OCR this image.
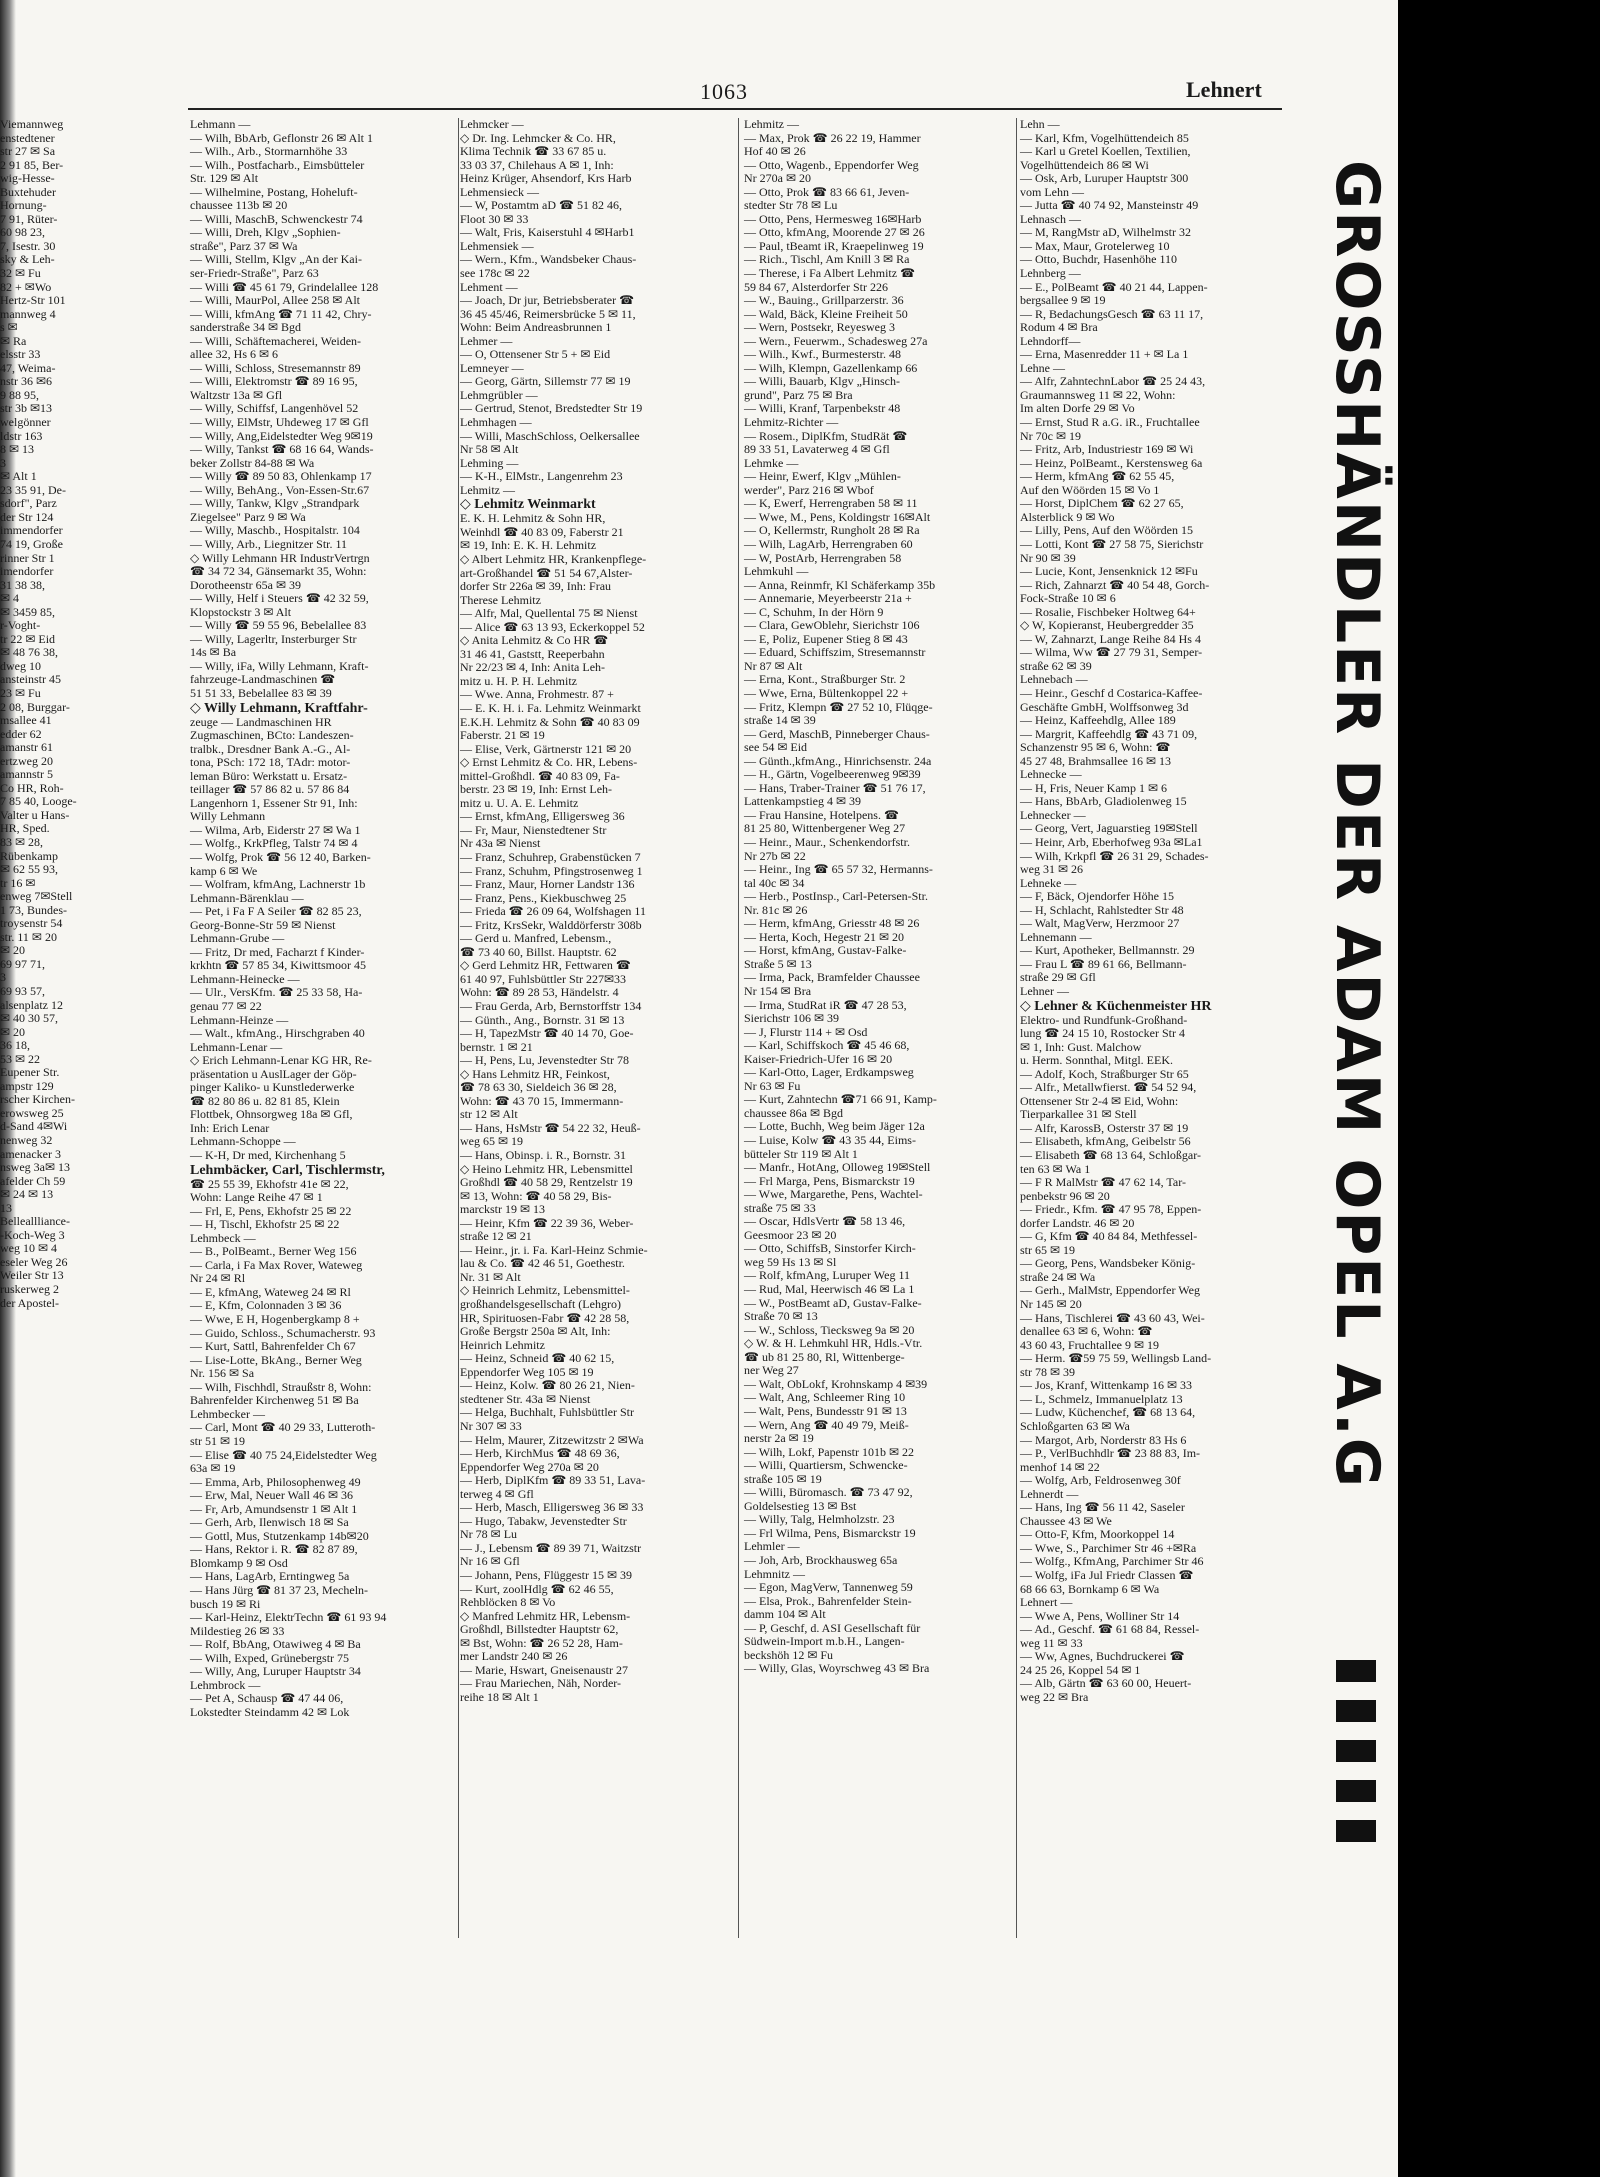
1063	Lehnert
Viemannweg
enstedtener
str 27 ✉ Sa
2 91 85, Ber-
wig-Hesse-
Buxtehuder
Hornung-
7 91, Rüter-
60 98 23,
7, Isestr. 30
sky & Leh-
32 ✉ Fu
82 + ✉Wo
Hertz-Str 101
mannweg 4
s ✉
✉ Ra
elsstr 33
47, Weima-
nstr 36 ✉6
9 88 95,
str 3b ✉13
welgönner
ldstr 163
8 ✉ 13
3
✉ Alt 1
23 35 91, De-
sdorf", Parz
der Str 124
immendorfer
74 19, Große
rinner Str 1
imendorfer
31 38 38,
✉ 4
✉ 3459 85,
r-Voght-
tr 22 ✉ Eid
✉ 48 76 38,
dweg 10
ansteinstr 45
23 ✉ Fu
2 08, Burggar-
msallee 41
edder 62
amanstr 61
ertzweg 20
amannstr 5
Co HR, Roh-
7 85 40, Looge-
Valter u Hans-
HR, Sped.
83 ✉ 28,
Rübenkamp
✉ 62 55 93,
tr 16 ✉
enweg 7✉Stell
1 73, Bundes-
troysenstr 54
str. 11 ✉ 20
✉ 20
69 97 71,
3
69 93 57,
alsenplatz 12
✉ 40 30 57,
✉ 20
36 18,
53 ✉ 22
Eupener Str.
ampstr 129
rscher Kirchen-
erowsweg 25
d-Sand 4✉Wi
nenweg 32
amenacker 3
nsweg 3a✉ 13
afelder Ch 59
✉ 24 ✉ 13
13
Belleallliance-
-Koch-Weg 3
weg 10 ✉ 4
eseler Weg 26
Weiler Str 13
ruskerweg 2
der Apostel-
Lehmann —
— Wilh, BbArb, Geflonstr 26 ✉ Alt 1
— Wilh., Arb., Stormarnhöhe 33
— Wilh., Postfacharb., Eimsbütteler
Str. 129 ✉ Alt
— Wilhelmine, Postang, Hoheluft-
chaussee 113b ✉ 20
— Willi, MaschB, Schwenckestr 74
— Willi, Dreh, Klgv „Sophien-
straße", Parz 37 ✉ Wa
— Willi, Stellm, Klgv „An der Kai-
ser-Friedr-Straße", Parz 63
— Willi ☎ 45 61 79, Grindelallee 128
— Willi, MaurPol, Allee 258 ✉ Alt
— Willi, kfmAng ☎ 71 11 42, Chry-
sanderstraße 34 ✉ Bgd
— Willi, Schäftemacherei, Weiden-
allee 32, Hs 6 ✉ 6
— Willi, Schloss, Stresemannstr 89
— Willi, Elektromstr ☎ 89 16 95,
Waltzstr 13a ✉ Gfl
— Willy, Schiffsf, Langenhövel 52
— Willy, ElMstr, Uhdeweg 17 ✉ Gfl
— Willy, Ang,Eidelstedter Weg 9✉19
— Willy, Tankst ☎ 68 16 64, Wands-
beker Zollstr 84-88 ✉ Wa
— Willy ☎ 89 50 83, Ohlenkamp 17
— Willy, BehAng., Von-Essen-Str.67
— Willy, Tankw, Klgv „Strandpark
Ziegelsee" Parz 9 ✉ Wa
— Willy, Maschb., Hospitalstr. 104
— Willy, Arb., Liegnitzer Str. 11
◇ Willy Lehmann HR IndustrVertrgn
☎ 34 72 34, Gänsemarkt 35, Wohn:
Dorotheenstr 65a ✉ 39
— Willy, Helf i Steuers ☎ 42 32 59,
Klopstockstr 3 ✉ Alt
— Willy ☎ 59 55 96, Bebelallee 83
— Willy, Lagerltr, Insterburger Str
14s ✉ Ba
— Willy, iFa, Willy Lehmann, Kraft-
fahrzeuge-Landmaschinen ☎
51 51 33, Bebelallee 83 ✉ 39
◇ Willy Lehmann, Kraftfahr-
zeuge — Landmaschinen HR
Zugmaschinen, BCto: Landeszen-
tralbk., Dresdner Bank A.-G., Al-
tona, PSch: 172 18, TAdr: motor-
leman Büro: Werkstatt u. Ersatz-
teillager ☎ 57 86 82 u. 57 86 84
Langenhorn 1, Essener Str 91, Inh:
Willy Lehmann
— Wilma, Arb, Eiderstr 27 ✉ Wa 1
— Wolfg., KrkPfleg, Talstr 74 ✉ 4
— Wolfg, Prok ☎ 56 12 40, Barken-
kamp 6 ✉ We
— Wolfram, kfmAng, Lachnerstr 1b
Lehmann-Bärenklau —
— Pet, i Fa F A Seiler ☎ 82 85 23,
Georg-Bonne-Str 59 ✉ Nienst
Lehmann-Grube —
— Fritz, Dr med, Facharzt f Kinder-
krkhtn ☎ 57 85 34, Kiwittsmoor 45
Lehmann-Heinecke —
— Ulr., VersKfm. ☎ 25 33 58, Ha-
genau 77 ✉ 22
Lehmann-Heinze —
— Walt., kfmAng., Hirschgraben 40
Lehmann-Lenar —
◇ Erich Lehmann-Lenar KG HR, Re-
präsentation u AuslLager der Göp-
pinger Kaliko- u Kunstlederwerke
☎ 82 80 86 u. 82 81 85, Klein
Flottbek, Ohnsorgweg 18a ✉ Gfl,
Inh: Erich Lenar
Lehmann-Schoppe —
— K-H, Dr med, Kirchenhang 5
Lehmbäcker, Carl, Tischlermstr,
☎ 25 55 39, Ekhofstr 41e ✉ 22,
Wohn: Lange Reihe 47 ✉ 1
— Frl, E, Pens, Ekhofstr 25 ✉ 22
— H, Tischl, Ekhofstr 25 ✉ 22
Lehmbeck —
— B., PolBeamt., Berner Weg 156
— Carla, i Fa Max Rover, Wateweg
Nr 24 ✉ Rl
— E, kfmAng, Wateweg 24 ✉ Rl
— E, Kfm, Colonnaden 3 ✉ 36
— Wwe, E H, Hogenbergkamp 8 +
— Guido, Schloss., Schumacherstr. 93
— Kurt, Sattl, Bahrenfelder Ch 67
— Lise-Lotte, BkAng., Berner Weg
Nr. 156 ✉ Sa
— Wilh, Fischhdl, Straußstr 8, Wohn:
Bahrenfelder Kirchenweg 51 ✉ Ba
Lehmbecker —
— Carl, Mont ☎ 40 29 33, Lutteroth-
str 51 ✉ 19
— Elise ☎ 40 75 24,Eidelstedter Weg
63a ✉ 19
— Emma, Arb, Philosophenweg 49
— Erw, Mal, Neuer Wall 46 ✉ 36
— Fr, Arb, Amundsenstr 1 ✉ Alt 1
— Gerh, Arb, Ilenwisch 18 ✉ Sa
— Gottl, Mus, Stutzenkamp 14b✉20
— Hans, Rektor i. R. ☎ 82 87 89,
Blomkamp 9 ✉ Osd
— Hans, LagArb, Erntingweg 5a
— Hans Jürg ☎ 81 37 23, Mecheln-
busch 19 ✉ Ri
— Karl-Heinz, ElektrTechn ☎ 61 93 94
Mildestieg 26 ✉ 33
— Rolf, BbAng, Otawiweg 4 ✉ Ba
— Wilh, Exped, Grünebergstr 75
— Willy, Ang, Luruper Hauptstr 34
Lehmbrock —
— Pet A, Schausp ☎ 47 44 06,
Lokstedter Steindamm 42 ✉ Lok
Lehmcker —
◇ Dr. Ing. Lehmcker & Co. HR,
Klima Technik ☎ 33 67 85 u.
33 03 37, Chilehaus A ✉ 1, Inh:
Heinz Krüger, Ahsendorf, Krs Harb
Lehmensieck —
— W, Postamtm aD ☎ 51 82 46,
Floot 30 ✉ 33
— Walt, Fris, Kaiserstuhl 4 ✉Harb1
Lehmensiek —
— Wern., Kfm., Wandsbeker Chaus-
see 178c ✉ 22
Lehment —
— Joach, Dr jur, Betriebsberater ☎
36 45 45/46, Reimersbrücke 5 ✉ 11,
Wohn: Beim Andreasbrunnen 1
Lehmer —
— O, Ottensener Str 5 + ✉ Eid
Lemneyer —
— Georg, Gärtn, Sillemstr 77 ✉ 19
Lehmgrübler —
— Gertrud, Stenot, Bredstedter Str 19
Lehmhagen —
— Willi, MaschSchloss, Oelkersallee
Nr 58 ✉ Alt
Lehming —
— K-H., ElMstr., Langenrehm 23
Lehmitz —
◇ Lehmitz Weinmarkt
E. K. H. Lehmitz & Sohn HR,
Weinhdl ☎ 40 83 09, Faberstr 21
✉ 19, Inh: E. K. H. Lehmitz
◇ Albert Lehmitz HR, Krankenpflege-
art-Großhandel ☎ 51 54 67,Alster-
dorfer Str 226a ✉ 39, Inh: Frau
Therese Lehmitz
— Alfr, Mal, Quellental 75 ✉ Nienst
— Alice ☎ 63 13 93, Eckerkoppel 52
◇ Anita Lehmitz & Co HR ☎
31 46 41, Gaststt, Reeperbahn
Nr 22/23 ✉ 4, Inh: Anita Leh-
mitz u. H. P. H. Lehmitz
— Wwe. Anna, Frohmestr. 87 +
— E. K. H. i. Fa. Lehmitz Weinmarkt
E.K.H. Lehmitz & Sohn ☎ 40 83 09
Faberstr. 21 ✉ 19
— Elise, Verk, Gärtnerstr 121 ✉ 20
◇ Ernst Lehmitz & Co. HR, Lebens-
mittel-Großhdl. ☎ 40 83 09, Fa-
berstr. 23 ✉ 19, Inh: Ernst Leh-
mitz u. U. A. E. Lehmitz
— Ernst, kfmAng, Elligersweg 36
— Fr, Maur, Nienstedtener Str
Nr 43a ✉ Nienst
— Franz, Schuhrep, Grabenstücken 7
— Franz, Schuhm, Pfingstrosenweg 1
— Franz, Maur, Horner Landstr 136
— Franz, Pens., Kiekbuschweg 25
— Frieda ☎ 26 09 64, Wolfshagen 11
— Fritz, KrsSekr, Walddörferstr 308b
— Gerd u. Manfred, Lebensm.,
☎ 73 40 60, Billst. Hauptstr. 62
◇ Gerd Lehmitz HR, Fettwaren ☎
61 40 97, Fuhlsbüttler Str 227✉33
Wohn: ☎ 89 28 53, Händelstr. 4
— Frau Gerda, Arb, Bernstorffstr 134
— Günth., Ang., Bornstr. 31 ✉ 13
— H, TapezMstr ☎ 40 14 70, Goe-
bernstr. 1 ✉ 21
— H, Pens, Lu, Jevenstedter Str 78
◇ Hans Lehmitz HR, Feinkost,
☎ 78 63 30, Sieldeich 36 ✉ 28,
Wohn: ☎ 43 70 15, Immermann-
str 12 ✉ Alt
— Hans, HsMstr ☎ 54 22 32, Heuß-
weg 65 ✉ 19
— Hans, Obinsp. i. R., Bornstr. 31
◇ Heino Lehmitz HR, Lebensmittel
Großhdl ☎ 40 58 29, Rentzelstr 19
✉ 13, Wohn: ☎ 40 58 29, Bis-
marckstr 19 ✉ 13
— Heinr, Kfm ☎ 22 39 36, Weber-
straße 12 ✉ 21
— Heinr., jr. i. Fa. Karl-Heinz Schmie-
lau & Co. ☎ 42 46 51, Goethestr.
Nr. 31 ✉ Alt
◇ Heinrich Lehmitz, Lebensmittel-
großhandelsgesellschaft (Lehgro)
HR, Spirituosen-Fabr ☎ 42 28 58,
Große Bergstr 250a ✉ Alt, Inh:
Heinrich Lehmitz
— Heinz, Schneid ☎ 40 62 15,
Eppendorfer Weg 105 ✉ 19
— Heinz, Kolw. ☎ 80 26 21, Nien-
stedtener Str. 43a ✉ Nienst
— Helga, Buchhalt, Fuhlsbüttler Str
Nr 307 ✉ 33
— Helm, Maurer, Zitzewitzstr 2 ✉Wa
— Herb, KirchMus ☎ 48 69 36,
Eppendorfer Weg 270a ✉ 20
— Herb, DiplKfm ☎ 89 33 51, Lava-
terweg 4 ✉ Gfl
— Herb, Masch, Elligersweg 36 ✉ 33
— Hugo, Tabakw, Jevenstedter Str
Nr 78 ✉ Lu
— J., Lebensm ☎ 89 39 71, Waitzstr
Nr 16 ✉ Gfl
— Johann, Pens, Flüggestr 15 ✉ 39
— Kurt, zoolHdlg ☎ 62 46 55,
Rehblöcken 8 ✉ Vo
◇ Manfred Lehmitz HR, Lebensm-
Großhdl, Billstedter Hauptstr 62,
✉ Bst, Wohn: ☎ 26 52 28, Ham-
mer Landstr 240 ✉ 26
— Marie, Hswart, Gneisenaustr 27
— Frau Mariechen, Näh, Norder-
reihe 18 ✉ Alt 1
Lehmitz —
— Max, Prok ☎ 26 22 19, Hammer
Hof 40 ✉ 26
— Otto, Wagenb., Eppendorfer Weg
Nr 270a ✉ 20
— Otto, Prok ☎ 83 66 61, Jeven-
stedter Str 78 ✉ Lu
— Otto, Pens, Hermesweg 16✉Harb
— Otto, kfmAng, Moorende 27 ✉ 26
— Paul, tBeamt iR, Kraepelinweg 19
— Rich., Tischl, Am Knill 3 ✉ Ra
— Therese, i Fa Albert Lehmitz ☎
59 84 67, Alsterdorfer Str 226
— W., Bauing., Grillparzerstr. 36
— Wald, Bäck, Kleine Freiheit 50
— Wern, Postsekr, Reyesweg 3
— Wern., Feuerwm., Schadesweg 27a
— Wilh., Kwf., Burmesterstr. 48
— Wilh, Klempn, Gazellenkamp 66
— Willi, Bauarb, Klgv „Hinsch-
grund", Parz 75 ✉ Bra
— Willi, Kranf, Tarpenbekstr 48
Lehmitz-Richter —
— Rosem., DiplKfm, StudRät ☎
89 33 51, Lavaterweg 4 ✉ Gfl
Lehmke —
— Heinr, Ewerf, Klgv „Mühlen-
werder", Parz 216 ✉ Wbof
— K, Ewerf, Herrengraben 58 ✉ 11
— Wwe, M., Pens, Koldingstr 16✉Alt
— O, Kellermstr, Rungholt 28 ✉ Ra
— Wilh, LagArb, Herrengraben 60
— W, PostArb, Herrengraben 58
Lehmkuhl —
— Anna, Reinmfr, Kl Schäferkamp 35b
— Annemarie, Meyerbeerstr 21a +
— C, Schuhm, In der Hörn 9
— Clara, GewOblehr, Sierichstr 106
— E, Poliz, Eupener Stieg 8 ✉ 43
— Eduard, Schiffszim, Stresemannstr
Nr 87 ✉ Alt
— Erna, Kont., Straßburger Str. 2
— Wwe, Erna, Bültenkoppel 22 +
— Fritz, Klempn ☎ 27 52 10, Flüqge-
straße 14 ✉ 39
— Gerd, MaschB, Pinneberger Chaus-
see 54 ✉ Eid
— Günth.,kfmAng., Hinrichsenstr. 24a
— H., Gärtn, Vogelbeerenweg 9✉39
— Hans, Traber-Trainer ☎ 51 76 17,
Lattenkampstieg 4 ✉ 39
— Frau Hansine, Hotelpens. ☎
81 25 80, Wittenbergener Weg 27
— Heinr., Maur., Schenkendorfstr.
Nr 27b ✉ 22
— Heinr., Ing ☎ 65 57 32, Hermanns-
tal 40c ✉ 34
— Herb., PostInsp., Carl-Petersen-Str.
Nr. 81c ✉ 26
— Herm, kfmAng, Griesstr 48 ✉ 26
— Herta, Koch, Hegestr 21 ✉ 20
— Horst, kfmAng, Gustav-Falke-
Straße 5 ✉ 13
— Irma, Pack, Bramfelder Chaussee
Nr 154 ✉ Bra
— Irma, StudRat iR ☎ 47 28 53,
Sierichstr 106 ✉ 39
— J, Flurstr 114 + ✉ Osd
— Karl, Schiffskoch ☎ 45 46 68,
Kaiser-Friedrich-Ufer 16 ✉ 20
— Karl-Otto, Lager, Erdkampsweg
Nr 63 ✉ Fu
— Kurt, Zahntechn ☎71 66 91, Kamp-
chaussee 86a ✉ Bgd
— Lotte, Buchh, Weg beim Jäger 12a
— Luise, Kolw ☎ 43 35 44, Eims-
bütteler Str 119 ✉ Alt 1
— Manfr., HotAng, Olloweg 19✉Stell
— Frl Marga, Pens, Bismarckstr 19
— Wwe, Margarethe, Pens, Wachtel-
straße 75 ✉ 33
— Oscar, HdlsVertr ☎ 58 13 46,
Geesmoor 23 ✉ 20
— Otto, SchiffsB, Sinstorfer Kirch-
weg 59 Hs 13 ✉ Sl
— Rolf, kfmAng, Luruper Weg 11
— Rud, Mal, Heerwisch 46 ✉ La 1
— W., PostBeamt aD, Gustav-Falke-
Straße 70 ✉ 13
— W., Schloss, Tiecksweg 9a ✉ 20
◇ W. & H. Lehmkuhl HR, Hdls.-Vtr.
☎ ub 81 25 80, Rl, Wittenberge-
ner Weg 27
— Walt, ObLokf, Krohnskamp 4 ✉39
— Walt, Ang, Schleemer Ring 10
— Walt, Pens, Bundesstr 91 ✉ 13
— Wern, Ang ☎ 40 49 79, Meiß-
nerstr 2a ✉ 19
— Wilh, Lokf, Papenstr 101b ✉ 22
— Willi, Quartiersm, Schwencke-
straße 105 ✉ 19
— Willi, Büromasch. ☎ 73 47 92,
Goldelsestieg 13 ✉ Bst
— Willy, Talg, Helmholzstr. 23
— Frl Wilma, Pens, Bismarckstr 19
Lehmler —
— Joh, Arb, Brockhausweg 65a
Lehmnitz —
— Egon, MagVerw, Tannenweg 59
— Elsa, Prok., Bahrenfelder Stein-
damm 104 ✉ Alt
— P, Geschf, d. ASI Gesellschaft für
Südwein-Import m.b.H., Langen-
beckshöh 12 ✉ Fu
— Willy, Glas, Woyrschweg 43 ✉ Bra
Lehn —
— Karl, Kfm, Vogelhüttendeich 85
— Karl u Gretel Koellen, Textilien,
Vogelhüttendeich 86 ✉ Wi
— Osk, Arb, Luruper Hauptstr 300
vom Lehn —
— Jutta ☎ 40 74 92, Mansteinstr 49
Lehnasch —
— M, RangMstr aD, Wilhelmstr 32
— Max, Maur, Grotelerweg 10
— Otto, Buchdr, Hasenhöhe 110
Lehnberg —
— E., PolBeamt ☎ 40 21 44, Lappen-
bergsallee 9 ✉ 19
— R, BedachungsGesch ☎ 63 11 17,
Rodum 4 ✉ Bra
Lehndorff—
— Erna, Masenredder 11 + ✉ La 1
Lehne —
— Alfr, ZahntechnLabor ☎ 25 24 43,
Graumannsweg 11 ✉ 22, Wohn:
Im alten Dorfe 29 ✉ Vo
— Ernst, Stud R a.G. iR., Fruchtallee
Nr 70c ✉ 19
— Fritz, Arb, Industriestr 169 ✉ Wi
— Heinz, PolBeamt., Kerstensweg 6a
— Herm, kfmAng ☎ 62 55 45,
Auf den Wöörden 15 ✉ Vo 1
— Horst, DiplChem ☎ 62 27 65,
Alsterblick 9 ✉ Wo
— Lilly, Pens, Auf den Wöörden 15
— Lotti, Kont ☎ 27 58 75, Sierichstr
Nr 90 ✉ 39
— Lucie, Kont, Jensenknick 12 ✉Fu
— Rich, Zahnarzt ☎ 40 54 48, Gorch-
Fock-Straße 10 ✉ 6
— Rosalie, Fischbeker Holtweg 64+
◇ W, Kopieranst, Heubergredder 35
— W, Zahnarzt, Lange Reihe 84 Hs 4
— Wilma, Ww ☎ 27 79 31, Semper-
straße 62 ✉ 39
Lehnebach —
— Heinr., Geschf d Costarica-Kaffee-
Geschäfte GmbH, Wolffsonweg 3d
— Heinz, Kaffeehdlg, Allee 189
— Margrit, Kaffeehdlg ☎ 43 71 09,
Schanzenstr 95 ✉ 6, Wohn: ☎
45 27 48, Brahmsallee 16 ✉ 13
Lehnecke —
— H, Fris, Neuer Kamp 1 ✉ 6
— Hans, BbArb, Gladiolenweg 15
Lehnecker —
— Georg, Vert, Jaguarstieg 19✉Stell
— Heinr, Arb, Eberhofweg 93a ✉La1
— Wilh, Krkpfl ☎ 26 31 29, Schades-
weg 31 ✉ 26
Lehneke —
— F, Bäck, Ojendorfer Höhe 15
— H, Schlacht, Rahlstedter Str 48
— Walt, MagVerw, Herzmoor 27
Lehnemann —
— Kurt, Apotheker, Bellmannstr. 29
— Frau L ☎ 89 61 66, Bellmann-
straße 29 ✉ Gfl
Lehner —
◇ Lehner & Küchenmeister HR
Elektro- und Rundfunk-Großhand-
lung ☎ 24 15 10, Rostocker Str 4
✉ 1, Inh: Gust. Malchow
u. Herm. Sonnthal, Mitgl. EEK.
— Adolf, Koch, Straßburger Str 65
— Alfr., Metallwfierst. ☎ 54 52 94,
Ottensener Str 2-4 ✉ Eid, Wohn:
Tierparkallee 31 ✉ Stell
— Alfr, KarossB, Osterstr 37 ✉ 19
— Elisabeth, kfmAng, Geibelstr 56
— Elisabeth ☎ 68 13 64, Schloßgar-
ten 63 ✉ Wa 1
— F R MalMstr ☎ 47 62 14, Tar-
penbekstr 96 ✉ 20
— Friedr., Kfm. ☎ 47 95 78, Eppen-
dorfer Landstr. 46 ✉ 20
— G, Kfm ☎ 40 84 84, Methfessel-
str 65 ✉ 19
— Georg, Pens, Wandsbeker König-
straße 24 ✉ Wa
— Gerh., MalMstr, Eppendorfer Weg
Nr 145 ✉ 20
— Hans, Tischlerei ☎ 43 60 43, Wei-
denallee 63 ✉ 6, Wohn: ☎
43 60 43, Fruchtallee 9 ✉ 19
— Herm. ☎59 75 59, Wellingsb Land-
str 78 ✉ 39
— Jos, Kranf, Wittenkamp 16 ✉ 33
— L, Schmelz, Immanuelplatz 13
— Ludw, Küchenchef, ☎ 68 13 64,
Schloßgarten 63 ✉ Wa
— Margot, Arb, Norderstr 83 Hs 6
— P., VerlBuchhdlr ☎ 23 88 83, Im-
menhof 14 ✉ 22
— Wolfg, Arb, Feldrosenweg 30f
Lehnerdt —
— Hans, Ing ☎ 56 11 42, Saseler
Chaussee 43 ✉ We
— Otto-F, Kfm, Moorkoppel 14
— Wwe, S., Parchimer Str 46 +✉Ra
— Wolfg., KfmAng, Parchimer Str 46
— Wolfg, iFa Jul Friedr Classen ☎
68 66 63, Bornkamp 6 ✉ Wa
Lehnert —
— Wwe A, Pens, Wolliner Str 14
— Ad., Geschf. ☎ 61 68 84, Ressel-
weg 11 ✉ 33
— Ww, Agnes, Buchdruckerei ☎
24 25 26, Koppel 54 ✉ 1
— Alb, Gärtn ☎ 63 60 00, Heuert-
weg 22 ✉ Bra
GROSSHÄNDLER DER ADAM OPEL A.G
